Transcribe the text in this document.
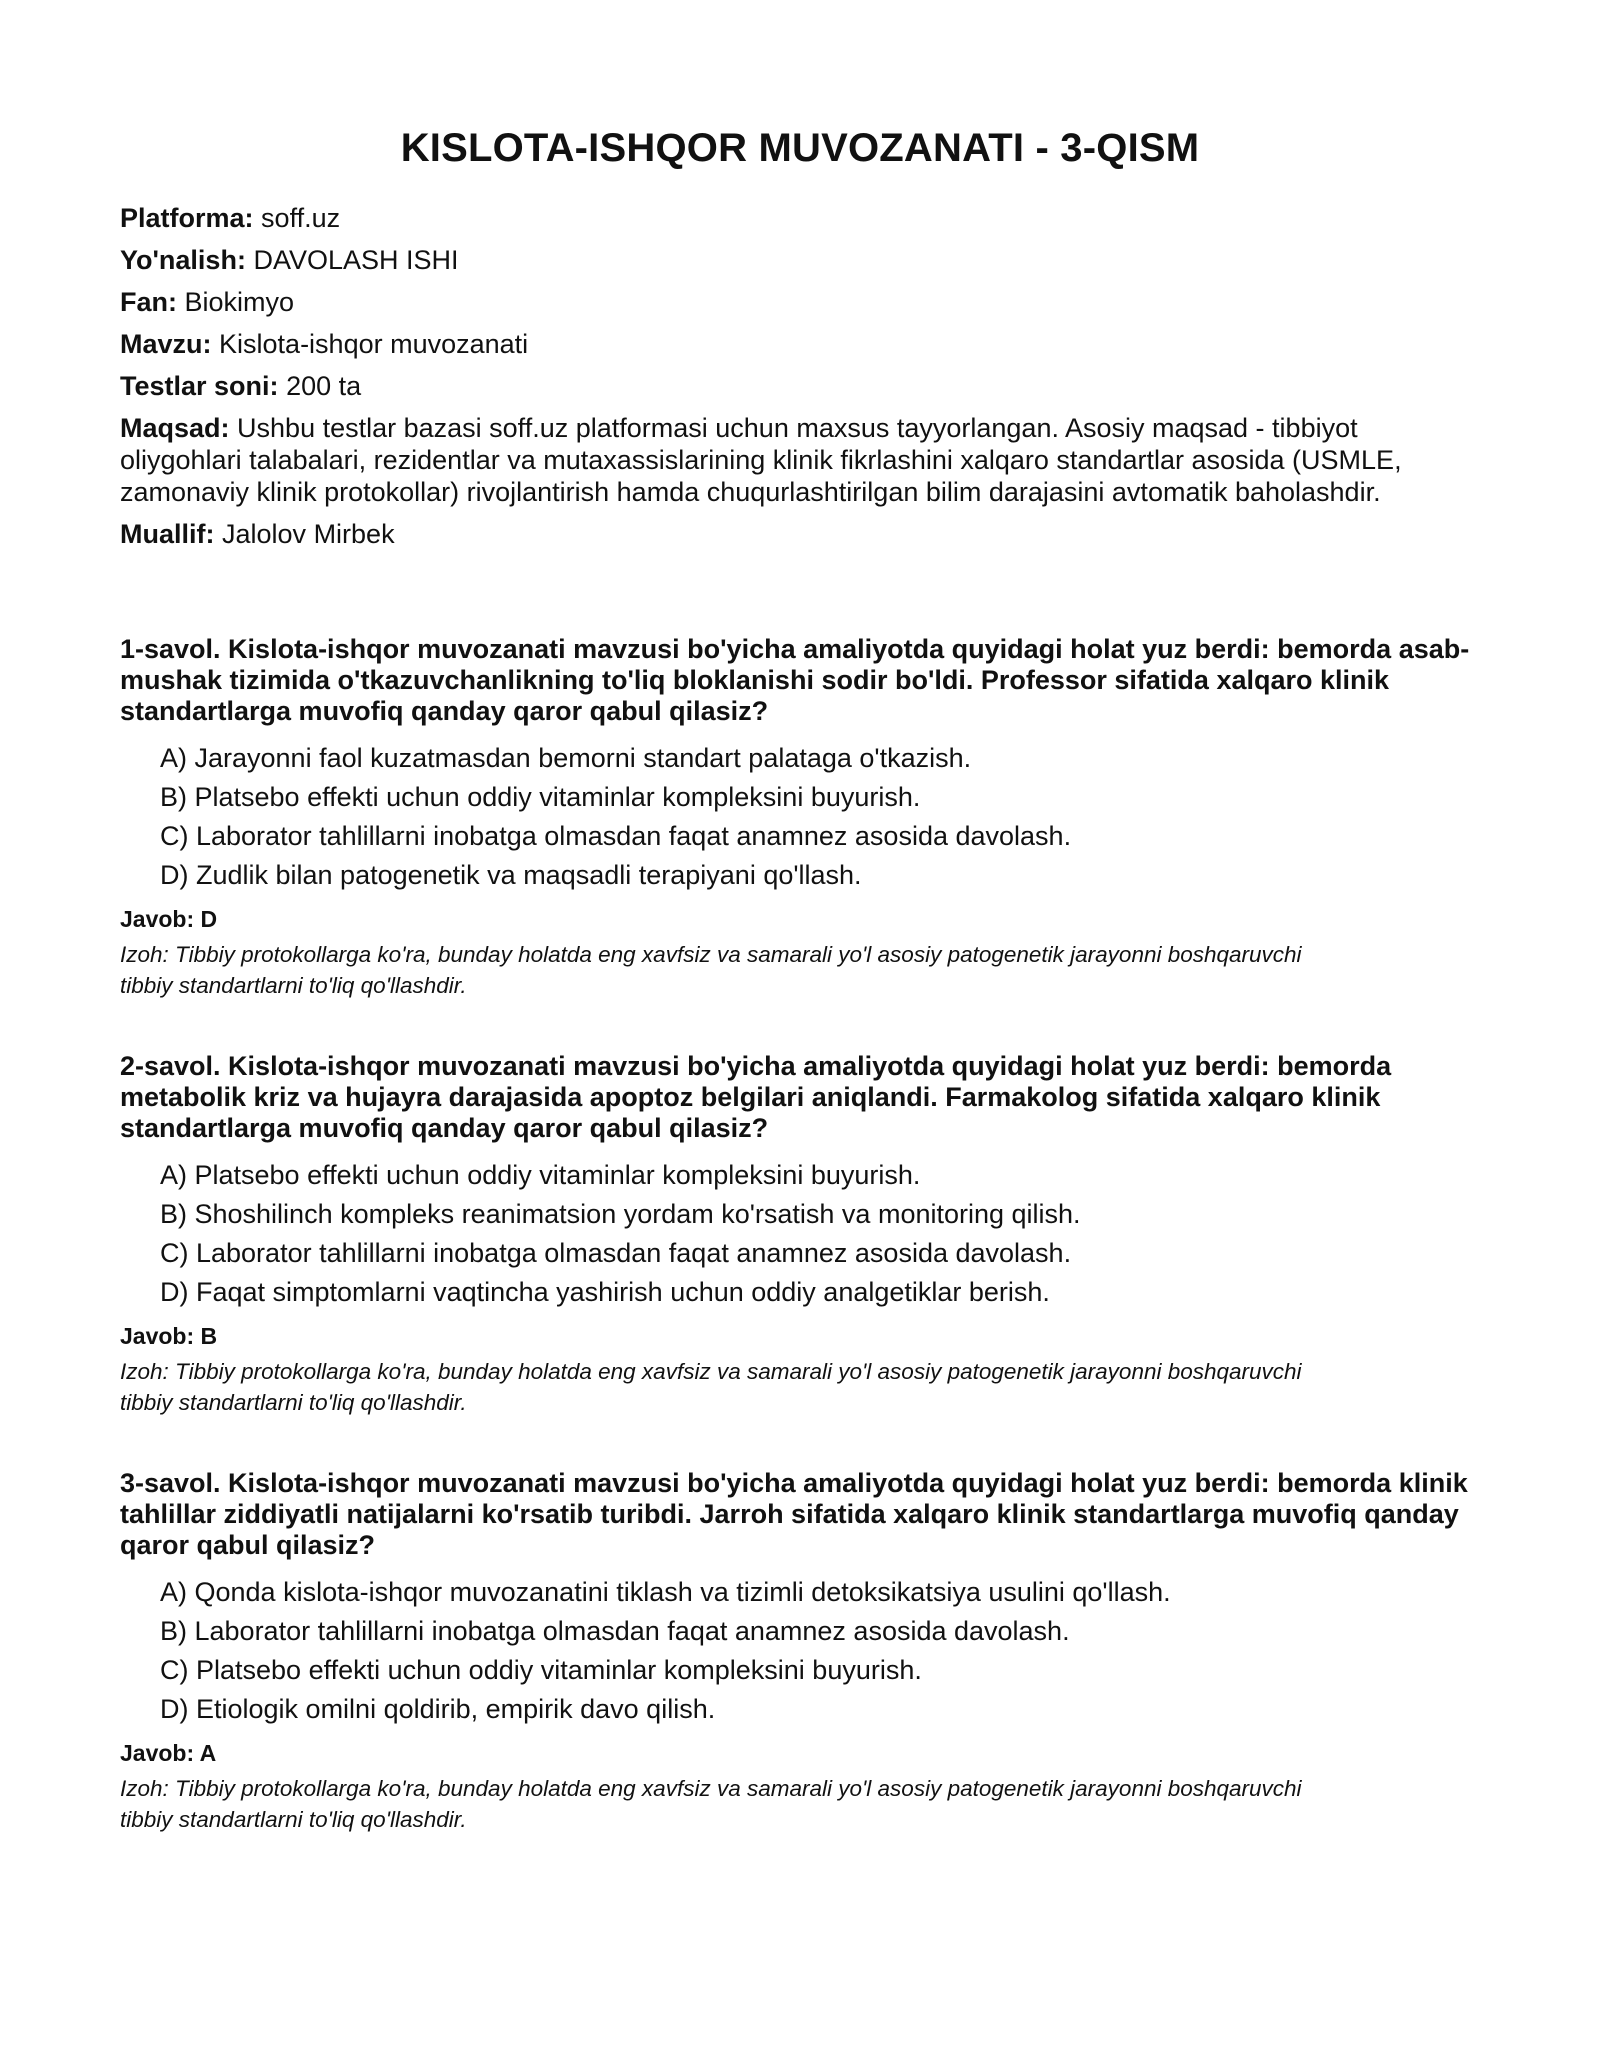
KISLOTA-ISHQOR MUVOZANATI - 3-QISM

Platforma: soff.uz

Yo'nalish: DAVOLASH ISHI

Fan: Biokimyo

Mavzu: Kislota-ishqor muvozanati

Testlar soni: 200 ta

Maqsad: Ushbu testlar bazasi soff.uz platformasi uchun maxsus tayyorlangan. Asosiy maqsad - tibbiyot oliygohlari talabalari, rezidentlar va mutaxassislarining klinik fikrlashini xalqaro standartlar asosida (USMLE, zamonaviy klinik protokollar) rivojlantirish hamda chuqurlashtirilgan bilim darajasini avtomatik baholashdir.

Muallif: Jalolov Mirbek

1-savol. Kislota-ishqor muvozanati mavzusi bo'yicha amaliyotda quyidagi holat yuz berdi: bemorda asab-mushak tizimida o'tkazuvchanlikning to'liq bloklanishi sodir bo'ldi. Professor sifatida xalqaro klinik standartlarga muvofiq qanday qaror qabul qilasiz?

A) Jarayonni faol kuzatmasdan bemorni standart palataga o'tkazish.
B) Platsebo effekti uchun oddiy vitaminlar kompleksini buyurish.
C) Laborator tahlillarni inobatga olmasdan faqat anamnez asosida davolash.
D) Zudlik bilan patogenetik va maqsadli terapiyani qo'llash.

Javob: D

Izoh: Tibbiy protokollarga ko'ra, bunday holatda eng xavfsiz va samarali yo'l asosiy patogenetik jarayonni boshqaruvchi tibbiy standartlarni to'liq qo'llashdir.

2-savol. Kislota-ishqor muvozanati mavzusi bo'yicha amaliyotda quyidagi holat yuz berdi: bemorda metabolik kriz va hujayra darajasida apoptoz belgilari aniqlandi. Farmakolog sifatida xalqaro klinik standartlarga muvofiq qanday qaror qabul qilasiz?

A) Platsebo effekti uchun oddiy vitaminlar kompleksini buyurish.
B) Shoshilinch kompleks reanimatsion yordam ko'rsatish va monitoring qilish.
C) Laborator tahlillarni inobatga olmasdan faqat anamnez asosida davolash.
D) Faqat simptomlarni vaqtincha yashirish uchun oddiy analgetiklar berish.

Javob: B

Izoh: Tibbiy protokollarga ko'ra, bunday holatda eng xavfsiz va samarali yo'l asosiy patogenetik jarayonni boshqaruvchi tibbiy standartlarni to'liq qo'llashdir.

3-savol. Kislota-ishqor muvozanati mavzusi bo'yicha amaliyotda quyidagi holat yuz berdi: bemorda klinik tahlillar ziddiyatli natijalarni ko'rsatib turibdi. Jarroh sifatida xalqaro klinik standartlarga muvofiq qanday qaror qabul qilasiz?

A) Qonda kislota-ishqor muvozanatini tiklash va tizimli detoksikatsiya usulini qo'llash.
B) Laborator tahlillarni inobatga olmasdan faqat anamnez asosida davolash.
C) Platsebo effekti uchun oddiy vitaminlar kompleksini buyurish.
D) Etiologik omilni qoldirib, empirik davo qilish.

Javob: A

Izoh: Tibbiy protokollarga ko'ra, bunday holatda eng xavfsiz va samarali yo'l asosiy patogenetik jarayonni boshqaruvchi tibbiy standartlarni to'liq qo'llashdir.
